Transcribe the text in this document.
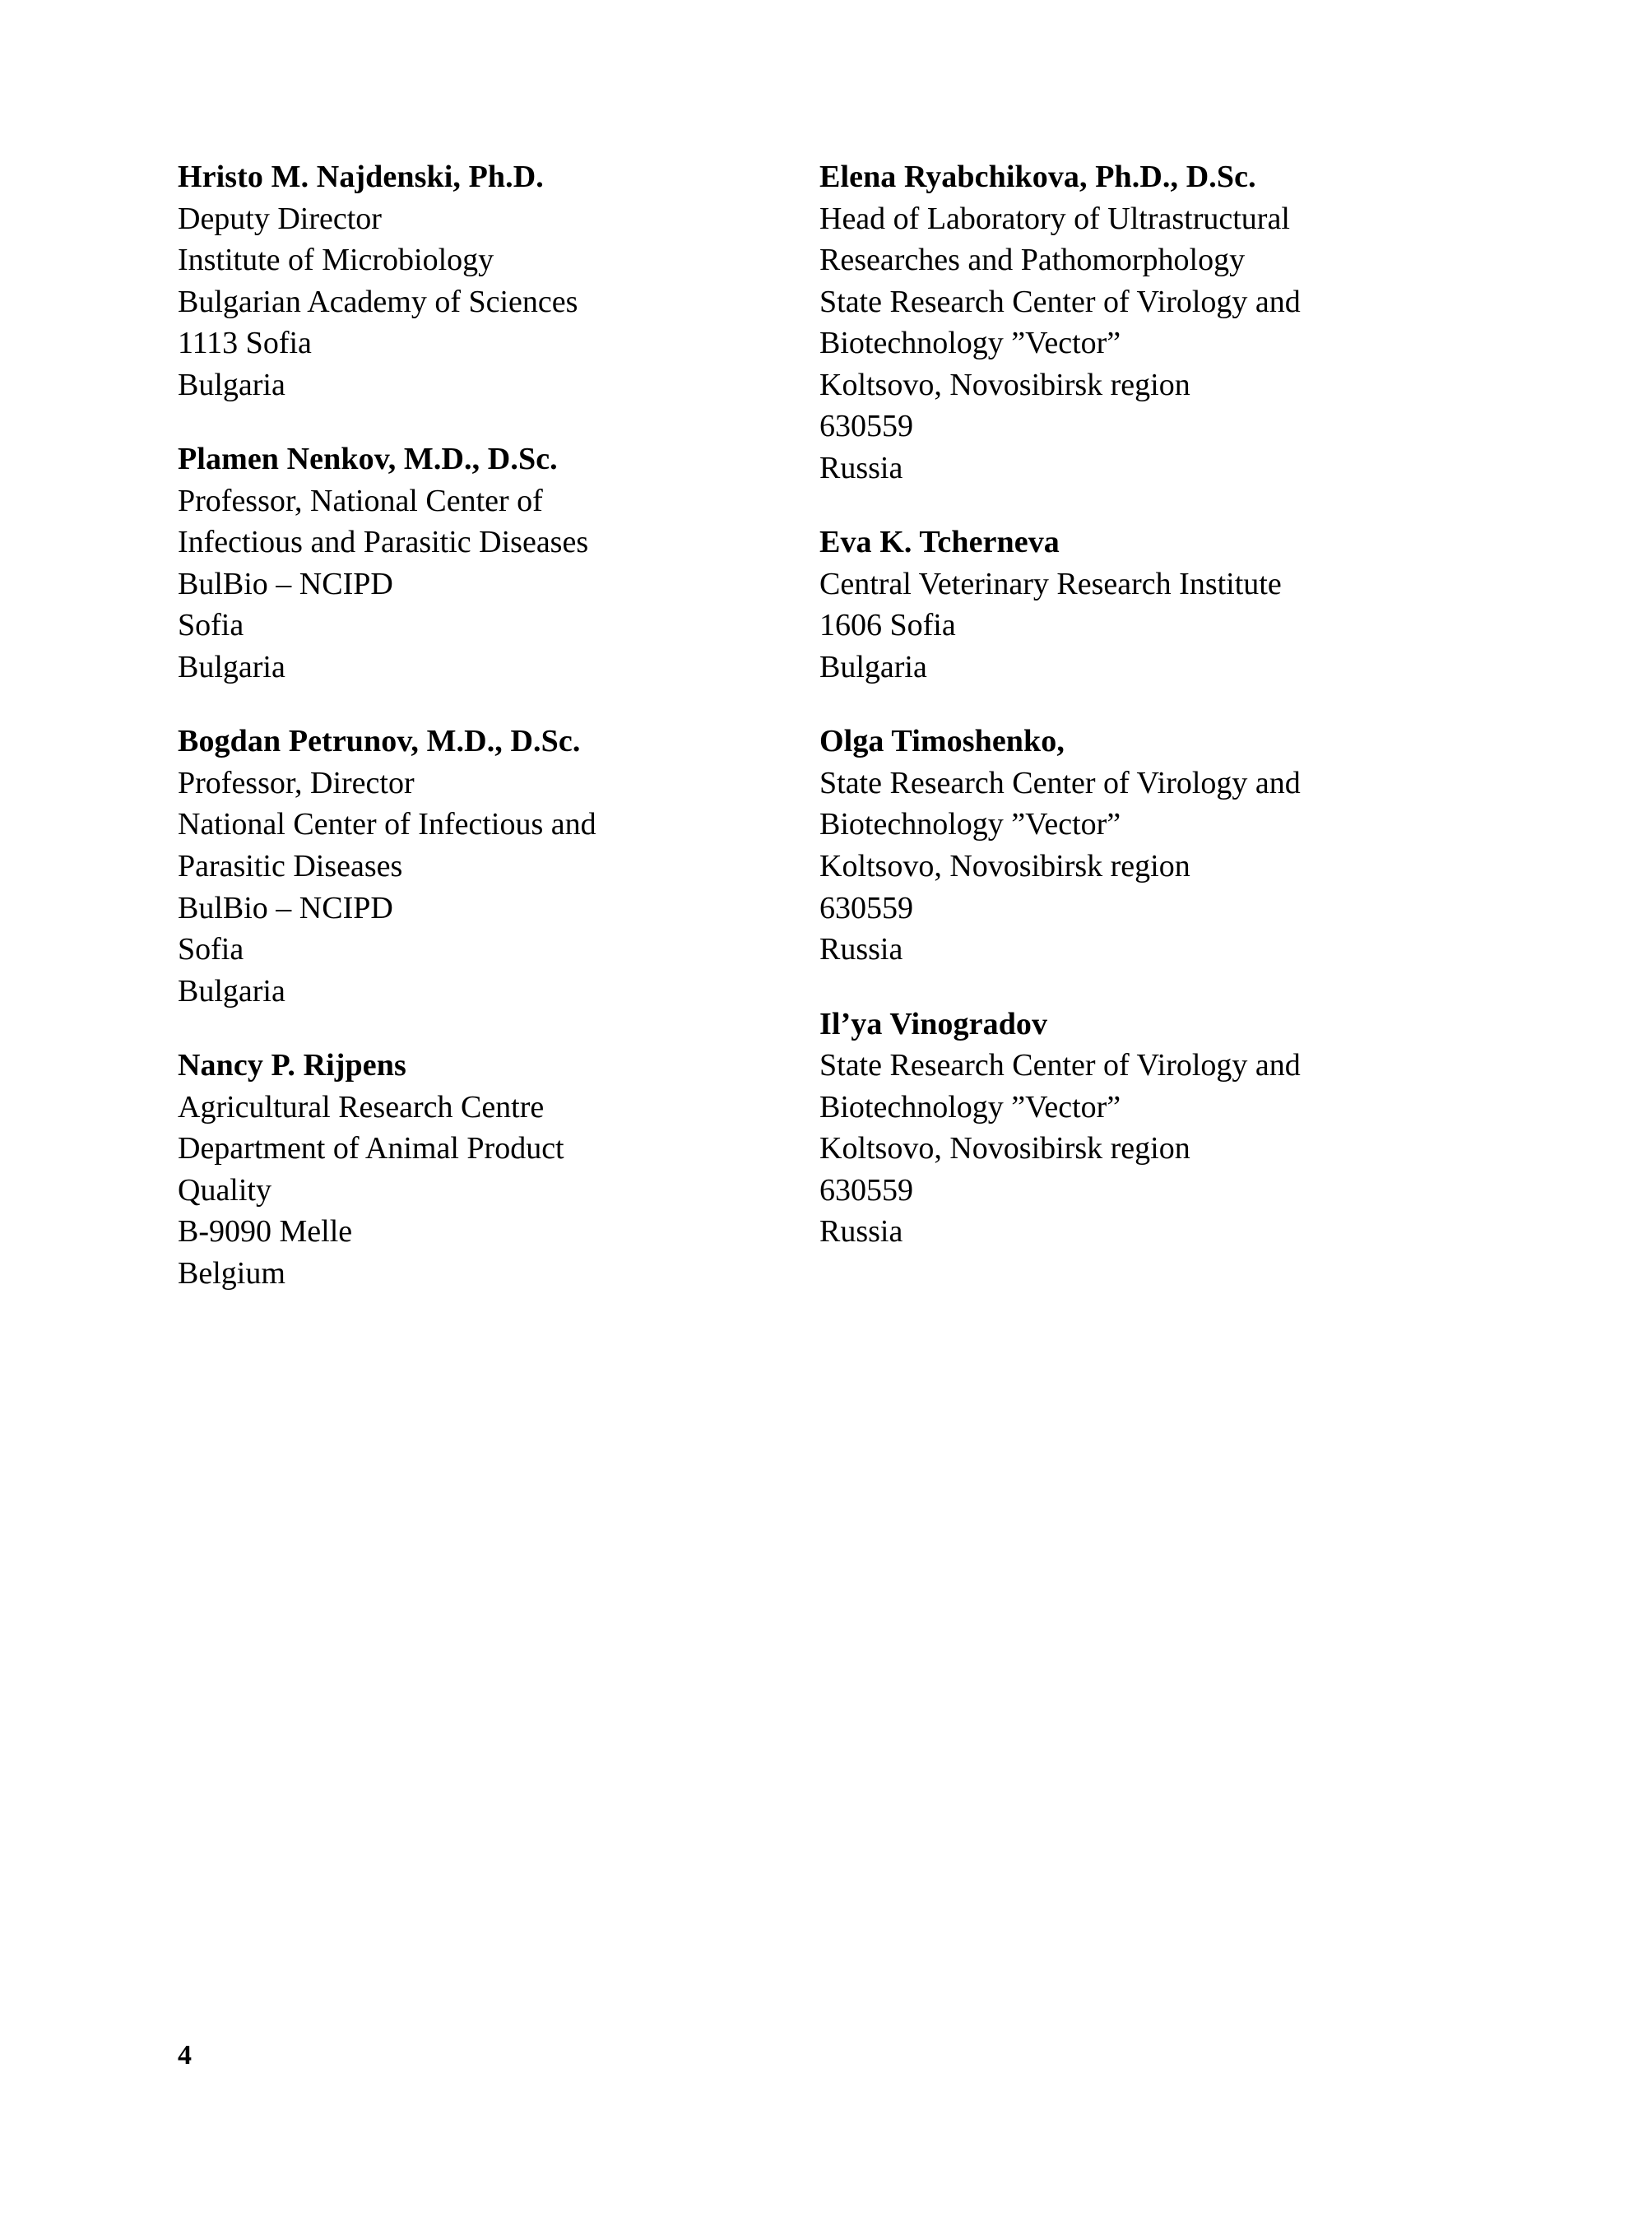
Hristo M. Najdenski, Ph.D.
Deputy Director
Institute of Microbiology
Bulgarian Academy of Sciences
1113 Sofia
Bulgaria
Plamen Nenkov, M.D., D.Sc.
Professor, National Center of
Infectious and Parasitic Diseases
BulBio – NCIPD
Sofia
Bulgaria
Bogdan Petrunov, M.D., D.Sc.
Professor, Director
National Center of Infectious and
Parasitic Diseases
BulBio – NCIPD
Sofia
Bulgaria
Nancy P. Rijpens
Agricultural Research Centre
Department of Animal Product
Quality
B-9090 Melle
Belgium
Elena Ryabchikova, Ph.D., D.Sc.
Head of Laboratory of Ultrastructural
Researches and Pathomorphology
State Research Center of Virology and
Biotechnology ”Vector”
Koltsovo, Novosibirsk region
630559
Russia
Eva K. Tcherneva
Central Veterinary Research Institute
1606 Sofia
Bulgaria
Olga Timoshenko,
State Research Center of Virology and
Biotechnology ”Vector”
Koltsovo, Novosibirsk region
630559
Russia
Il’ya Vinogradov
State Research Center of Virology and
Biotechnology ”Vector”
Koltsovo, Novosibirsk region
630559
Russia
4
